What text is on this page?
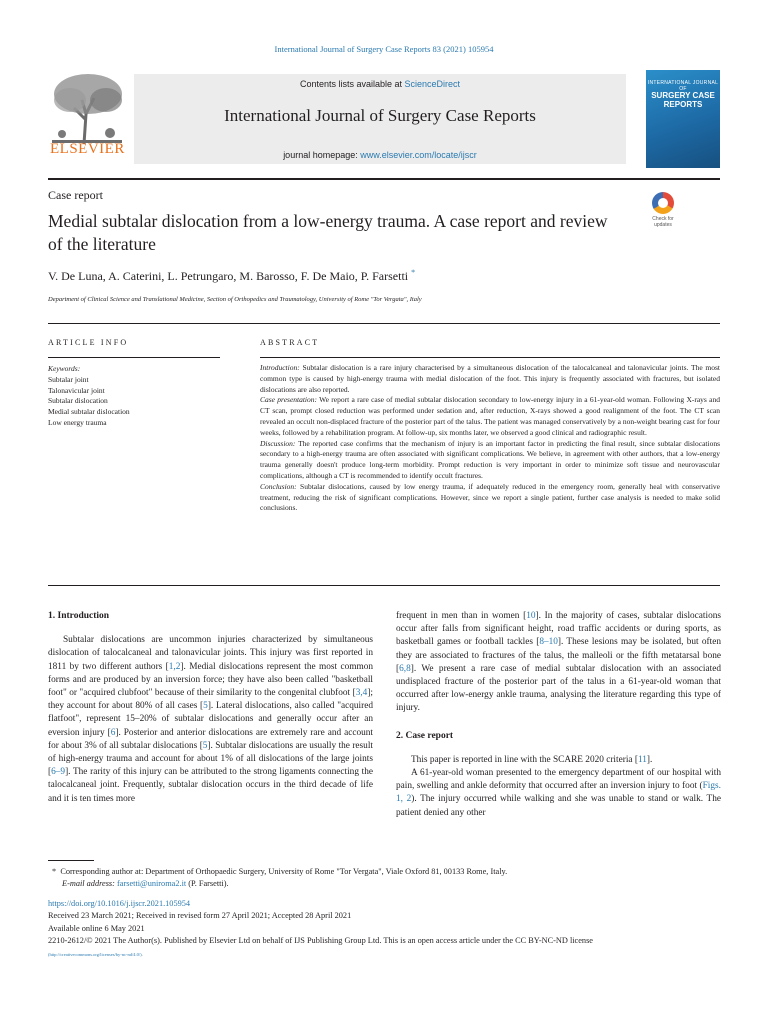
International Journal of Surgery Case Reports 83 (2021) 105954
ELSEVIER
Contents lists available at ScienceDirect
International Journal of Surgery Case Reports
journal homepage: www.elsevier.com/locate/ijscr
INTERNATIONAL JOURNAL OF
SURGERY CASE REPORTS
Case report
Medial subtalar dislocation from a low-energy trauma. A case report and review of the literature
Check for updates
V. De Luna, A. Caterini, L. Petrungaro, M. Barosso, F. De Maio, P. Farsetti *
Department of Clinical Science and Translational Medicine, Section of Orthopedics and Traumatology, University of Rome "Tor Vergata", Italy
ARTICLE INFO	ABSTRACT
Keywords:
Subtalar joint
Talonavicular joint
Subtalar dislocation
Medial subtalar dislocation
Low energy trauma

Introduction: Subtalar dislocation is a rare injury characterised by a simultaneous dislocation of the talocalcaneal and talonavicular joints. The most common type is caused by high-energy trauma with medial dislocation of the foot. This injury is frequently associated with fractures, but isolated dislocations are also reported.

Case presentation: We report a rare case of medial subtalar dislocation secondary to low-energy injury in a 61-year-old woman. Following X-rays and CT scan, prompt closed reduction was performed under sedation and, after reduction, X-rays showed a good realignment of the foot. The CT scan revealed an occult non-displaced fracture of the posterior part of the talus. The patient was managed conservatively by a non-weight bearing cast for four weeks, followed by a rehabilitation program. At follow-up, six months later, we observed a good clinical and radiographic result.

Discussion: The reported case confirms that the mechanism of injury is an important factor in predicting the final result, since subtalar dislocations secondary to a high-energy trauma are often associated with significant complications. We believe, in agreement with other authors, that a low-energy trauma generally doesn't produce long-term morbidity. Prompt reduction is very important in order to minimize soft tissue and neurovascular complications, although a CT is recommended to identify occult fractures.

Conclusion: Subtalar dislocations, caused by low energy trauma, if adequately reduced in the emergency room, generally heal with conservative treatment, reducing the risk of significant complications. However, since we report a single patient, further case analysis is needed to make solid conclusions.

1. Introduction

Subtalar dislocations are uncommon injuries characterized by simultaneous dislocation of talocalcaneal and talonavicular joints. This injury was first reported in 1811 by two different authors [1,2]. Medial dislocations represent the most common forms and are produced by an inversion force; they have also been called "basketball foot" or "acquired clubfoot" because of their similarity to the congenital clubfoot [3,4]; they account for about 80% of all cases [5]. Lateral dislocations, also called "acquired flatfoot", represent 15–20% of subtalar dislocations and generally occur after an eversion injury [6]. Posterior and anterior dislocations are extremely rare and account for about 3% of all subtalar dislocations [5]. Subtalar dislocations are usually the result of high-energy trauma and account for about 1% of all dislocations of the large joints [6–9]. The rarity of this injury can be attributed to the strong ligaments connecting the talocalcaneal joint. Frequently, subtalar dislocation occurs in the third decade of life and it is ten times more

frequent in men than in women [10]. In the majority of cases, subtalar dislocations occur after falls from significant height, road traffic accidents or during sports, as basketball games or football tackles [8–10]. These lesions may be isolated, but often they are associated to fractures of the talus, the malleoli or the fifth metatarsal bone [6,8]. We present a rare case of medial subtalar dislocation with an associated undisplaced fracture of the posterior part of the talus in a 61-year-old woman that occurred after low-energy ankle trauma, analysing the literature regarding this type of injury.

2. Case report

This paper is reported in line with the SCARE 2020 criteria [11].

A 61-year-old woman presented to the emergency department of our hospital with pain, swelling and ankle deformity that occurred after an inversion injury to foot (Figs. 1, 2). The injury occurred while walking and she was unable to stand or walk. The patient denied any other

* Corresponding author at: Department of Orthopaedic Surgery, University of Rome "Tor Vergata", Viale Oxford 81, 00133 Rome, Italy.
E-mail address: farsetti@uniroma2.it (P. Farsetti).
https://doi.org/10.1016/j.ijscr.2021.105954
Received 23 March 2021; Received in revised form 27 April 2021; Accepted 28 April 2021
Available online 6 May 2021
2210-2612/© 2021 The Author(s). Published by Elsevier Ltd on behalf of IJS Publishing Group Ltd. This is an open access article under the CC BY-NC-ND license
(http://creativecommons.org/licenses/by-nc-nd/4.0/).
